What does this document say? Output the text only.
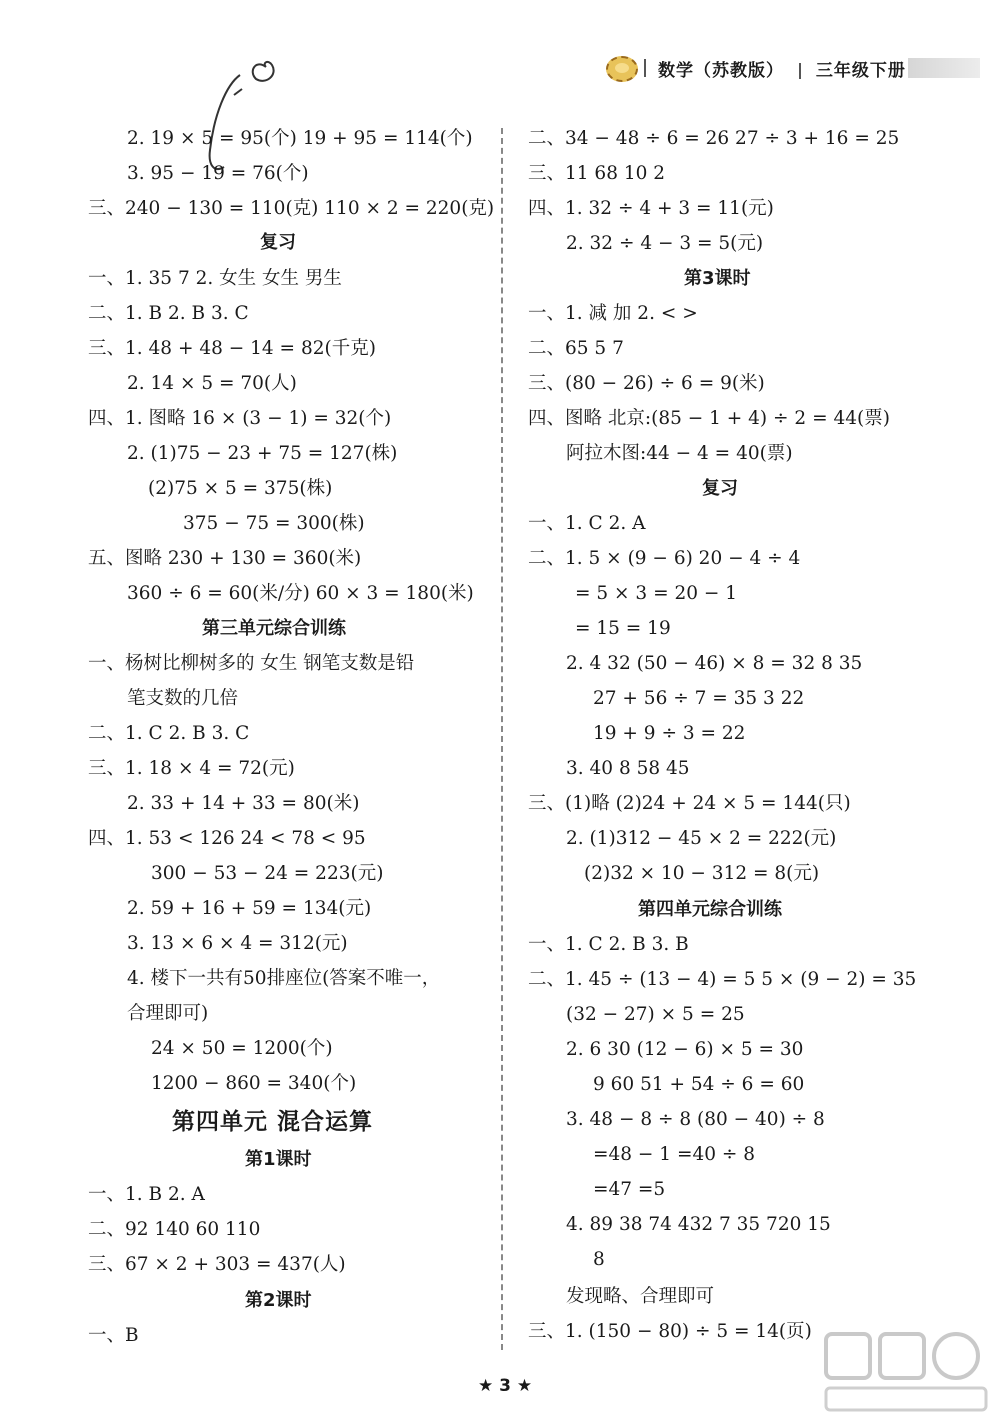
数学（苏教版） 三年级下册
2. 19 × 5 = 95(个) 19 + 95 = 114(个)
3. 95 − 19 = 76(个)
三、240 − 130 = 110(克) 110 × 2 = 220(克)
复习
一、1. 35 7 2. 女生 女生 男生
二、1. B 2. B 3. C
三、1. 48 + 48 − 14 = 82(千克)
2. 14 × 5 = 70(人)
四、1. 图略 16 × (3 − 1) = 32(个)
2. (1)75 − 23 + 75 = 127(株)
(2)75 × 5 = 375(株)
375 − 75 = 300(株)
五、图略 230 + 130 = 360(米)
360 ÷ 6 = 60(米/分) 60 × 3 = 180(米)
第三单元综合训练
一、杨树比柳树多的 女生 钢笔支数是铅
笔支数的几倍
二、1. C 2. B 3. C
三、1. 18 × 4 = 72(元)
2. 33 + 14 + 33 = 80(米)
四、1. 53 < 126 24 < 78 < 95
300 − 53 − 24 = 223(元)
2. 59 + 16 + 59 = 134(元)
3. 13 × 6 × 4 = 312(元)
4. 楼下一共有50排座位(答案不唯一，
合理即可)
24 × 50 = 1200(个)
1200 − 860 = 340(个)
第四单元 混合运算
第1课时
一、1. B 2. A
二、92 140 60 110
三、67 × 2 + 303 = 437(人)
第2课时
一、B
二、34 − 48 ÷ 6 = 26 27 ÷ 3 + 16 = 25
三、11 68 10 2
四、1. 32 ÷ 4 + 3 = 11(元)
2. 32 ÷ 4 − 3 = 5(元)
第3课时
一、1. 减 加 2. < >
二、65 5 7
三、(80 − 26) ÷ 6 = 9(米)
四、图略 北京:(85 − 1 + 4) ÷ 2 = 44(票)
阿拉木图:44 − 4 = 40(票)
复习
一、1. C 2. A
二、1. 5 × (9 − 6) 20 − 4 ÷ 4
= 5 × 3 = 20 − 1
= 15 = 19
2. 4 32 (50 − 46) × 8 = 32 8 35
27 + 56 ÷ 7 = 35 3 22
19 + 9 ÷ 3 = 22
3. 40 8 58 45
三、(1)略 (2)24 + 24 × 5 = 144(只)
2. (1)312 − 45 × 2 = 222(元)
(2)32 × 10 − 312 = 8(元)
第四单元综合训练
一、1. C 2. B 3. B
二、1. 45 ÷ (13 − 4) = 5 5 × (9 − 2) = 35
(32 − 27) × 5 = 25
2. 6 30 (12 − 6) × 5 = 30
9 60 51 + 54 ÷ 6 = 60
3. 48 − 8 ÷ 8 (80 − 40) ÷ 8
=48 − 1 =40 ÷ 8
=47 =5
4. 89 38 74 432 7 35 720 15
8
发现略、合理即可
三、1. (150 − 80) ÷ 5 = 14(页)
★ 3 ★
